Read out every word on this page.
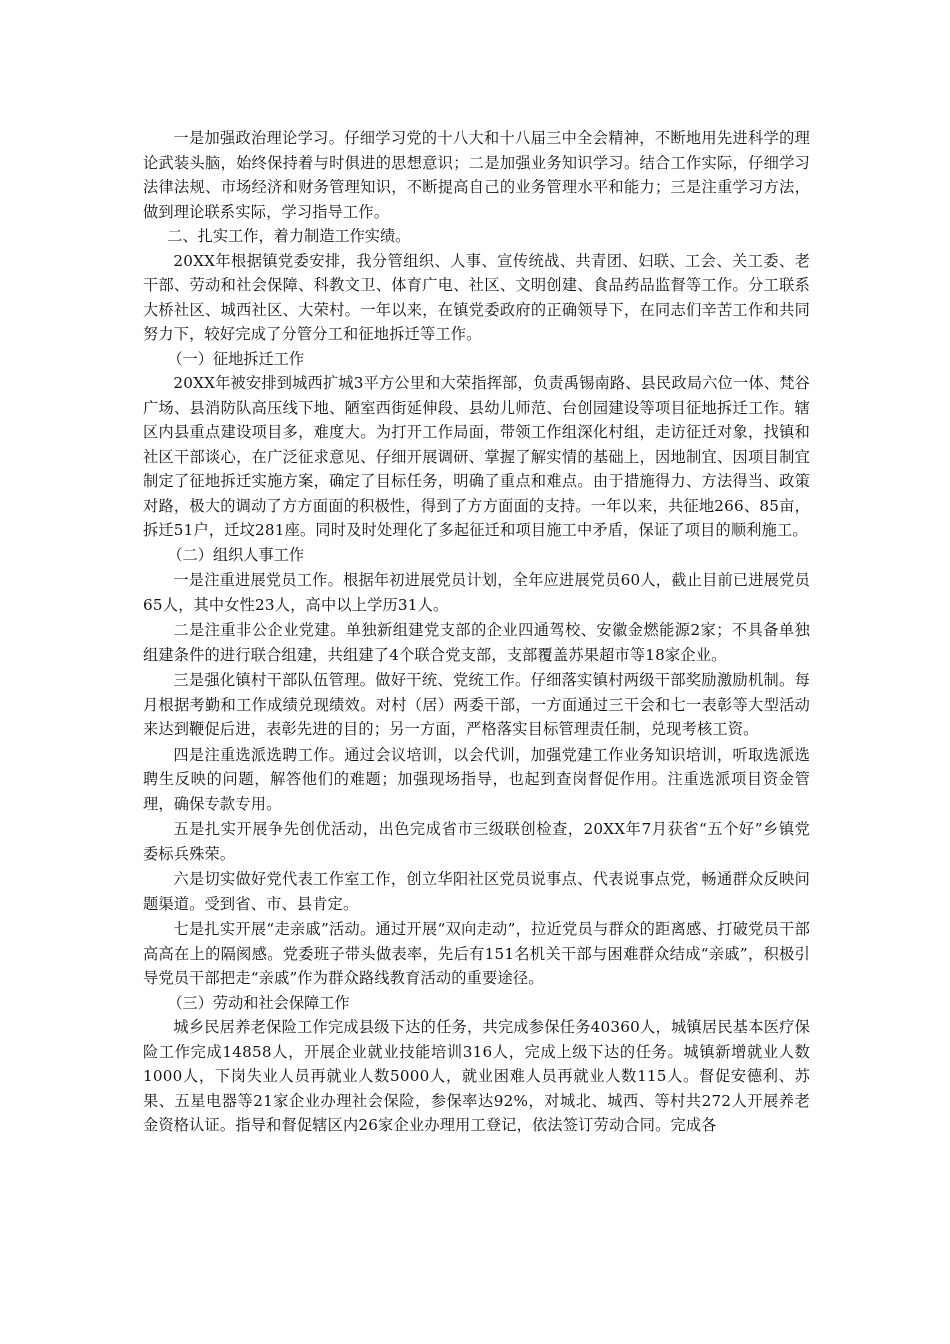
一是加强政治理论学习。仔细学习党的十八大和十八届三中全会精神，不断地用先进科学的理论武装头脑，始终保持着与时俱进的思想意识；二是加强业务知识学习。结合工作实际，仔细学习法律法规、市场经济和财务管理知识，不断提高自己的业务管理水平和能力；三是注重学习方法，做到理论联系实际，学习指导工作。

二、扎实工作，着力制造工作实绩。

20XX年根据镇党委安排，我分管组织、人事、宣传统战、共青团、妇联、工会、关工委、老干部、劳动和社会保障、科教文卫、体育广电、社区、文明创建、食品药品监督等工作。分工联系大桥社区、城西社区、大荣村。一年以来，在镇党委政府的正确领导下，在同志们辛苦工作和共同努力下，较好完成了分管分工和征地拆迁等工作。

（一）征地拆迁工作

20XX年被安排到城西扩城3平方公里和大荣指挥部，负责禹锡南路、县民政局六位一体、梵谷广场、县消防队高压线下地、陋室西街延伸段、县幼儿师范、台创园建设等项目征地拆迁工作。辖区内县重点建设项目多，难度大。为打开工作局面，带领工作组深化村组，走访征迁对象，找镇和社区干部谈心，在广泛征求意见、仔细开展调研、掌握了解实情的基础上，因地制宜、因项目制宜制定了征地拆迁实施方案，确定了目标任务，明确了重点和难点。由于措施得力、方法得当、政策对路，极大的调动了方方面面的积极性，得到了方方面面的支持。一年以来，共征地266、85亩，拆迁51户，迁坟281座。同时及时处理化了多起征迁和项目施工中矛盾，保证了项目的顺利施工。

（二）组织人事工作

一是注重进展党员工作。根据年初进展党员计划，全年应进展党员60人，截止目前已进展党员65人，其中女性23人，高中以上学历31人。

二是注重非公企业党建。单独新组建党支部的企业四通驾校、安徽金燃能源2家；不具备单独组建条件的进行联合组建，共组建了4个联合党支部，支部覆盖苏果超市等18家企业。

三是强化镇村干部队伍管理。做好干统、党统工作。仔细落实镇村两级干部奖励激励机制。每月根据考勤和工作成绩兑现绩效。对村（居）两委干部，一方面通过三干会和七一表彰等大型活动来达到鞭促后进，表彰先进的目的；另一方面，严格落实目标管理责任制，兑现考核工资。

四是注重选派选聘工作。通过会议培训，以会代训，加强党建工作业务知识培训，听取选派选聘生反映的问题，解答他们的难题；加强现场指导，也起到查岗督促作用。注重选派项目资金管理，确保专款专用。

五是扎实开展争先创优活动，出色完成省市三级联创检查，20XX年7月获省“五个好”乡镇党委标兵殊荣。

六是切实做好党代表工作室工作，创立华阳社区党员说事点、代表说事点党，畅通群众反映问题渠道。受到省、市、县肯定。

七是扎实开展“走亲戚”活动。通过开展“双向走动”，拉近党员与群众的距离感、打破党员干部高高在上的隔阂感。党委班子带头做表率，先后有151名机关干部与困难群众结成“亲戚”，积极引导党员干部把走“亲戚”作为群众路线教育活动的重要途径。

（三）劳动和社会保障工作

城乡民居养老保险工作完成县级下达的任务，共完成参保任务40360人，城镇居民基本医疗保险工作完成14858人，开展企业就业技能培训316人，完成上级下达的任务。城镇新增就业人数1000人，下岗失业人员再就业人数5000人，就业困难人员再就业人数115人。督促安德利、苏果、五星电器等21家企业办理社会保险，参保率达92%，对城北、城西、等村共272人开展养老金资格认证。指导和督促辖区内26家企业办理用工登记，依法签订劳动合同。完成各
